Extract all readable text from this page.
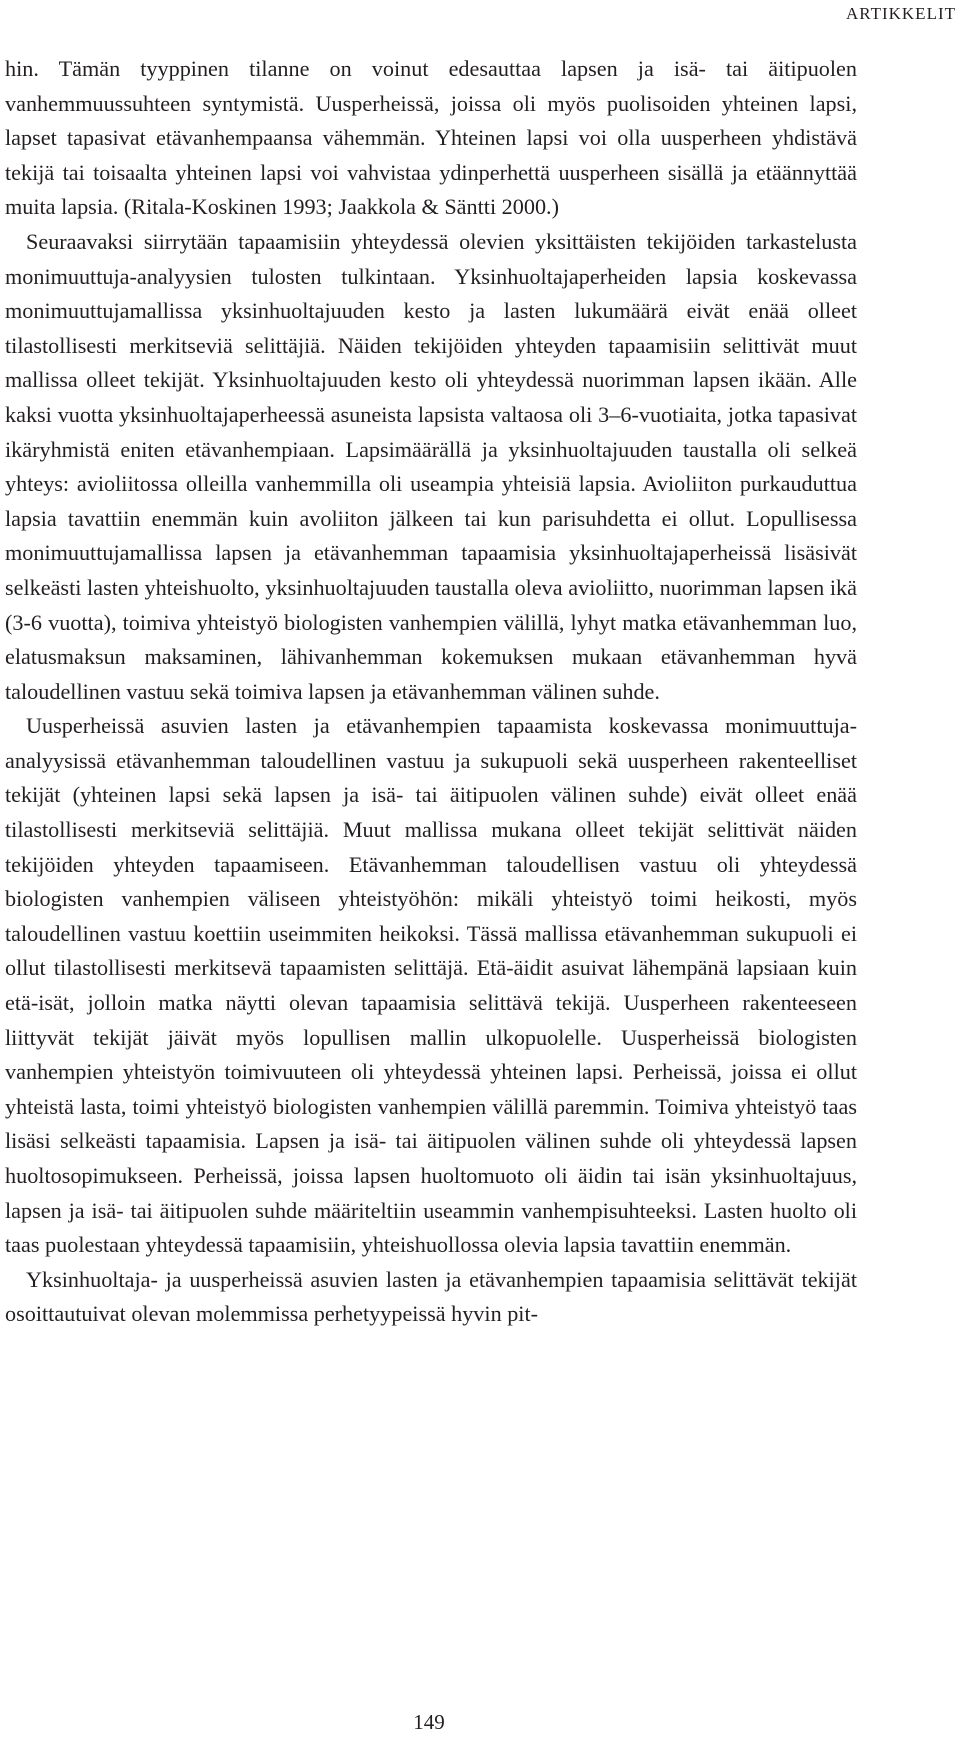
ARTIKKELIT

hin. Tämän tyyppinen tilanne on voinut edesauttaa lapsen ja isä- tai äitipuolen vanhemmuussuhteen syntymistä. Uusperheissä, joissa oli myös puolisoiden yhteinen lapsi, lapset tapasivat etävanhempaansa vähemmän. Yhteinen lapsi voi olla uusperheen yhdistävä tekijä tai toisaalta yhteinen lapsi voi vahvistaa ydinperhettä uusperheen sisällä ja etäännyttää muita lapsia. (Ritala-Koskinen 1993; Jaakkola & Säntti 2000.)

Seuraavaksi siirrytään tapaamisiin yhteydessä olevien yksittäisten tekijöiden tarkastelusta monimuuttuja-analyysien tulosten tulkintaan. Yksinhuoltajaperheiden lapsia koskevassa monimuuttujamallissa yksinhuoltajuuden kesto ja lasten lukumäärä eivät enää olleet tilastollisesti merkitseviä selittäjiä. Näiden tekijöiden yhteyden tapaamisiin selittivät muut mallissa olleet tekijät. Yksinhuoltajuuden kesto oli yhteydessä nuorimman lapsen ikään. Alle kaksi vuotta yksinhuoltajaperheessä asuneista lapsista valtaosa oli 3–6-vuotiaita, jotka tapasivat ikäryhmistä eniten etävanhempiaan. Lapsimäärällä ja yksinhuoltajuuden taustalla oli selkeä yhteys: avioliitossa olleilla vanhemmilla oli useampia yhteisiä lapsia. Avioliiton purkauduttua lapsia tavattiin enemmän kuin avoliiton jälkeen tai kun parisuhdetta ei ollut. Lopullisessa monimuuttujamallissa lapsen ja etävanhemman tapaamisia yksinhuoltajaperheissä lisäsivät selkeästi lasten yhteishuolto, yksinhuoltajuuden taustalla oleva avioliitto, nuorimman lapsen ikä (3-6 vuotta), toimiva yhteistyö biologisten vanhempien välillä, lyhyt matka etävanhemman luo, elatusmaksun maksaminen, lähivanhemman kokemuksen mukaan etävanhemman hyvä taloudellinen vastuu sekä toimiva lapsen ja etävanhemman välinen suhde.

Uusperheissä asuvien lasten ja etävanhempien tapaamista koskevassa monimuuttuja-analyysissä etävanhemman taloudellinen vastuu ja sukupuoli sekä uusperheen rakenteelliset tekijät (yhteinen lapsi sekä lapsen ja isä- tai äitipuolen välinen suhde) eivät olleet enää tilastollisesti merkitseviä selittäjiä. Muut mallissa mukana olleet tekijät selittivät näiden tekijöiden yhteyden tapaamiseen. Etävanhemman taloudellisen vastuu oli yhteydessä biologisten vanhempien väliseen yhteistyöhön: mikäli yhteistyö toimi heikosti, myös taloudellinen vastuu koettiin useimmiten heikoksi. Tässä mallissa etävanhemman sukupuoli ei ollut tilastollisesti merkitsevä tapaamisten selittäjä. Etä-äidit asuivat lähempänä lapsiaan kuin etä-isät, jolloin matka näytti olevan tapaamisia selittävä tekijä. Uusperheen rakenteeseen liittyvät tekijät jäivät myös lopullisen mallin ulkopuolelle. Uusperheissä biologisten vanhempien yhteistyön toimivuuteen oli yhteydessä yhteinen lapsi. Perheissä, joissa ei ollut yhteistä lasta, toimi yhteistyö biologisten vanhempien välillä paremmin. Toimiva yhteistyö taas lisäsi selkeästi tapaamisia. Lapsen ja isä- tai äitipuolen välinen suhde oli yhteydessä lapsen huoltosopimukseen. Perheissä, joissa lapsen huoltomuoto oli äidin tai isän yksinhuoltajuus, lapsen ja isä- tai äitipuolen suhde määriteltiin useammin vanhempisuhteeksi. Lasten huolto oli taas puolestaan yhteydessä tapaamisiin, yhteishuollossa olevia lapsia tavattiin enemmän.

Yksinhuoltaja- ja uusperheissä asuvien lasten ja etävanhempien tapaamisia selittävät tekijät osoittautuivat olevan molemmissa perhetyypeissä hyvin pit-

149
